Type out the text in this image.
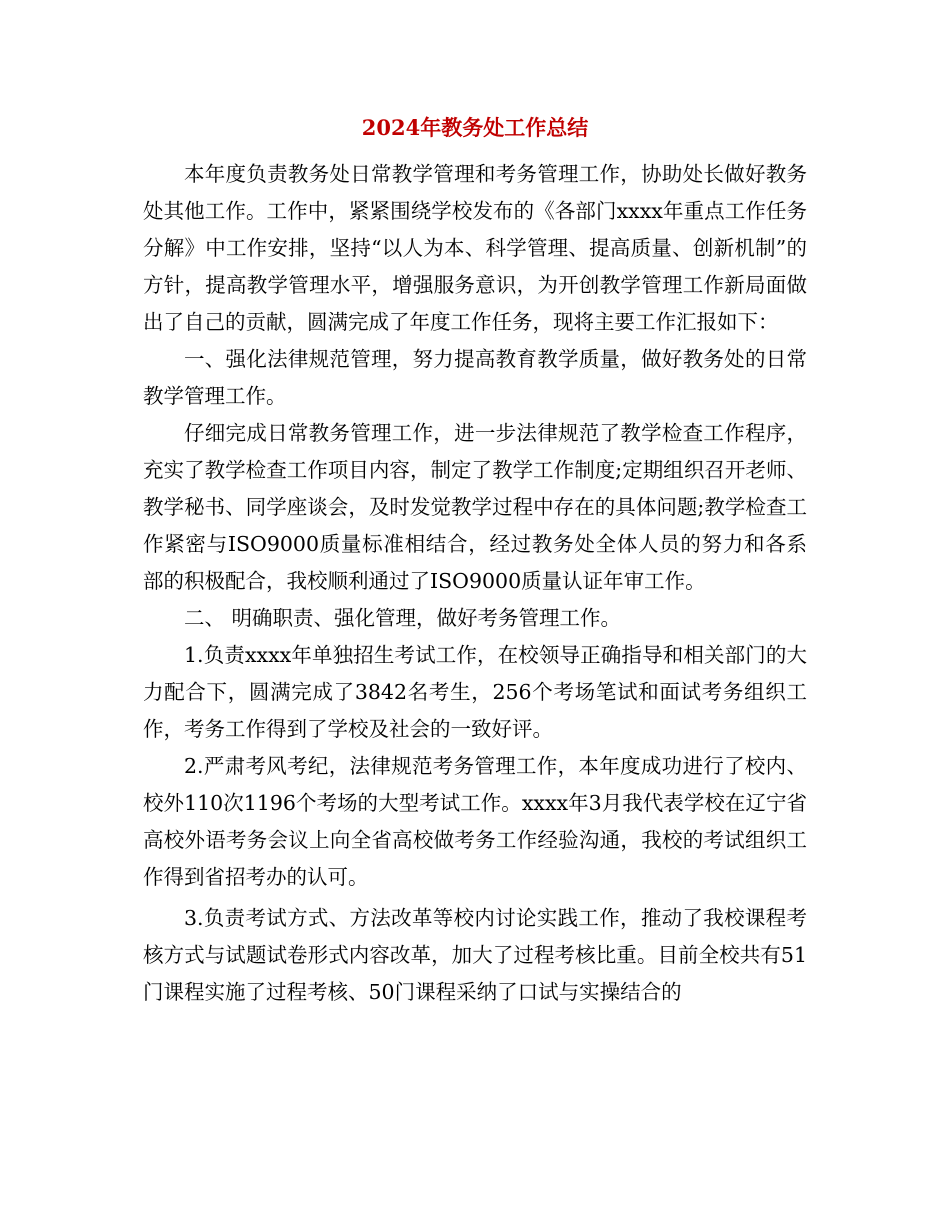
2024年教务处工作总结

本年度负责教务处日常教学管理和考务管理工作，协助处长做好教务处其他工作。工作中，紧紧围绕学校发布的《各部门xxxx年重点工作任务分解》中工作安排，坚持“以人为本、科学管理、提高质量、创新机制”的方针，提高教学管理水平，增强服务意识，为开创教学管理工作新局面做出了自己的贡献，圆满完成了年度工作任务，现将主要工作汇报如下：

一、强化法律规范管理，努力提高教育教学质量，做好教务处的日常教学管理工作。

仔细完成日常教务管理工作，进一步法律规范了教学检查工作程序，充实了教学检查工作项目内容，制定了教学工作制度;定期组织召开老师、教学秘书、同学座谈会，及时发觉教学过程中存在的具体问题;教学检查工作紧密与ISO9000质量标准相结合，经过教务处全体人员的努力和各系部的积极配合，我校顺利通过了ISO9000质量认证年审工作。

二、 明确职责、强化管理，做好考务管理工作。

1.负责xxxx年单独招生考试工作，在校领导正确指导和相关部门的大力配合下，圆满完成了3842名考生，256个考场笔试和面试考务组织工作，考务工作得到了学校及社会的一致好评。

2.严肃考风考纪，法律规范考务管理工作，本年度成功进行了校内、校外110次1196个考场的大型考试工作。xxxx年3月我代表学校在辽宁省高校外语考务会议上向全省高校做考务工作经验沟通，我校的考试组织工作得到省招考办的认可。

3.负责考试方式、方法改革等校内讨论实践工作，推动了我校课程考核方式与试题试卷形式内容改革，加大了过程考核比重。目前全校共有51门课程实施了过程考核、50门课程采纳了口试与实操结合的
